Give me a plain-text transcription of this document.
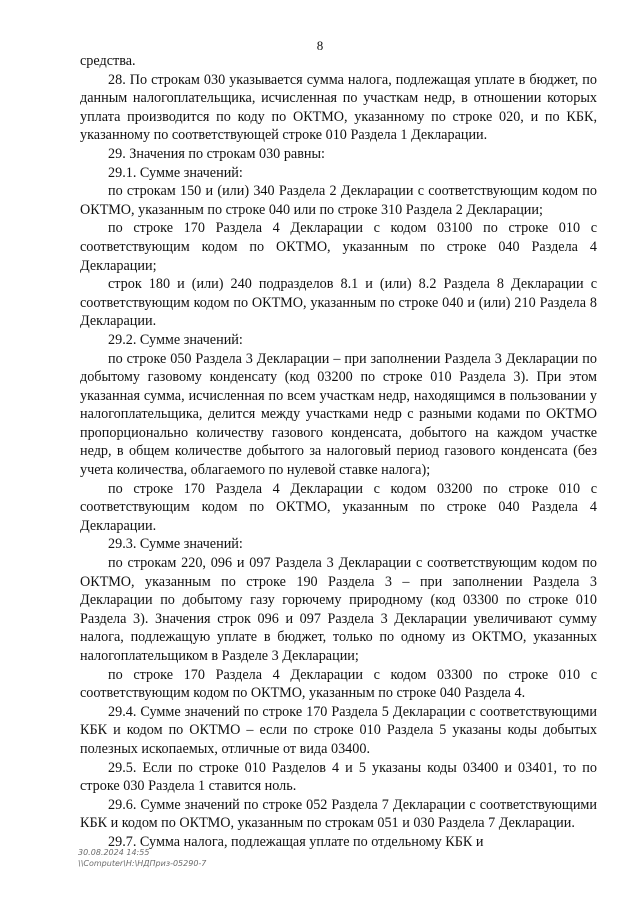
8

средства.

28. По строкам 030 указывается сумма налога, подлежащая уплате в бюджет, по данным налогоплательщика, исчисленная по участкам недр, в отношении которых уплата производится по коду по ОКТМО, указанному по строке 020, и по КБК, указанному по соответствующей строке 010 Раздела 1 Декларации.

29. Значения по строкам 030 равны:

29.1. Сумме значений:

по строкам 150 и (или) 340 Раздела 2 Декларации с соответствующим кодом по ОКТМО, указанным по строке 040 или по строке 310 Раздела 2 Декларации;

по строке 170 Раздела 4 Декларации с кодом 03100 по строке 010 с соответствующим кодом по ОКТМО, указанным по строке 040 Раздела 4 Декларации;

строк 180 и (или) 240 подразделов 8.1 и (или) 8.2 Раздела 8 Декларации с соответствующим кодом по ОКТМО, указанным по строке 040 и (или) 210 Раздела 8 Декларации.

29.2. Сумме значений:

по строке 050 Раздела 3 Декларации – при заполнении Раздела 3 Декларации по добытому газовому конденсату (код 03200 по строке 010 Раздела 3). При этом указанная сумма, исчисленная по всем участкам недр, находящимся в пользовании у налогоплательщика, делится между участками недр с разными кодами по ОКТМО пропорционально количеству газового конденсата, добытого на каждом участке недр, в общем количестве добытого за налоговый период газового конденсата (без учета количества, облагаемого по нулевой ставке налога);

по строке 170 Раздела 4 Декларации с кодом 03200 по строке 010 с соответствующим кодом по ОКТМО, указанным по строке 040 Раздела 4 Декларации.

29.3. Сумме значений:

по строкам 220, 096 и 097 Раздела 3 Декларации с соответствующим кодом по ОКТМО, указанным по строке 190 Раздела 3 – при заполнении Раздела 3 Декларации по добытому газу горючему природному (код 03300 по строке 010 Раздела 3). Значения строк 096 и 097 Раздела 3 Декларации увеличивают сумму налога, подлежащую уплате в бюджет, только по одному из ОКТМО, указанных налогоплательщиком в Разделе 3 Декларации;

по строке 170 Раздела 4 Декларации с кодом 03300 по строке 010 с соответствующим кодом по ОКТМО, указанным по строке 040 Раздела 4.

29.4. Сумме значений по строке 170 Раздела 5 Декларации с соответствующими КБК и кодом по ОКТМО – если по строке 010 Раздела 5 указаны коды добытых полезных ископаемых, отличные от вида 03400.

29.5. Если по строке 010 Разделов 4 и 5 указаны коды 03400 и 03401, то по строке 030 Раздела 1 ставится ноль.

29.6. Сумме значений по строке 052 Раздела 7 Декларации с соответствующими КБК и кодом по ОКТМО, указанным по строкам 051 и 030 Раздела 7 Декларации.

29.7. Сумма налога, подлежащая уплате по отдельному КБК и

30.08.2024 14:55
\\Computer\Н:\НДПриз-05290-7
